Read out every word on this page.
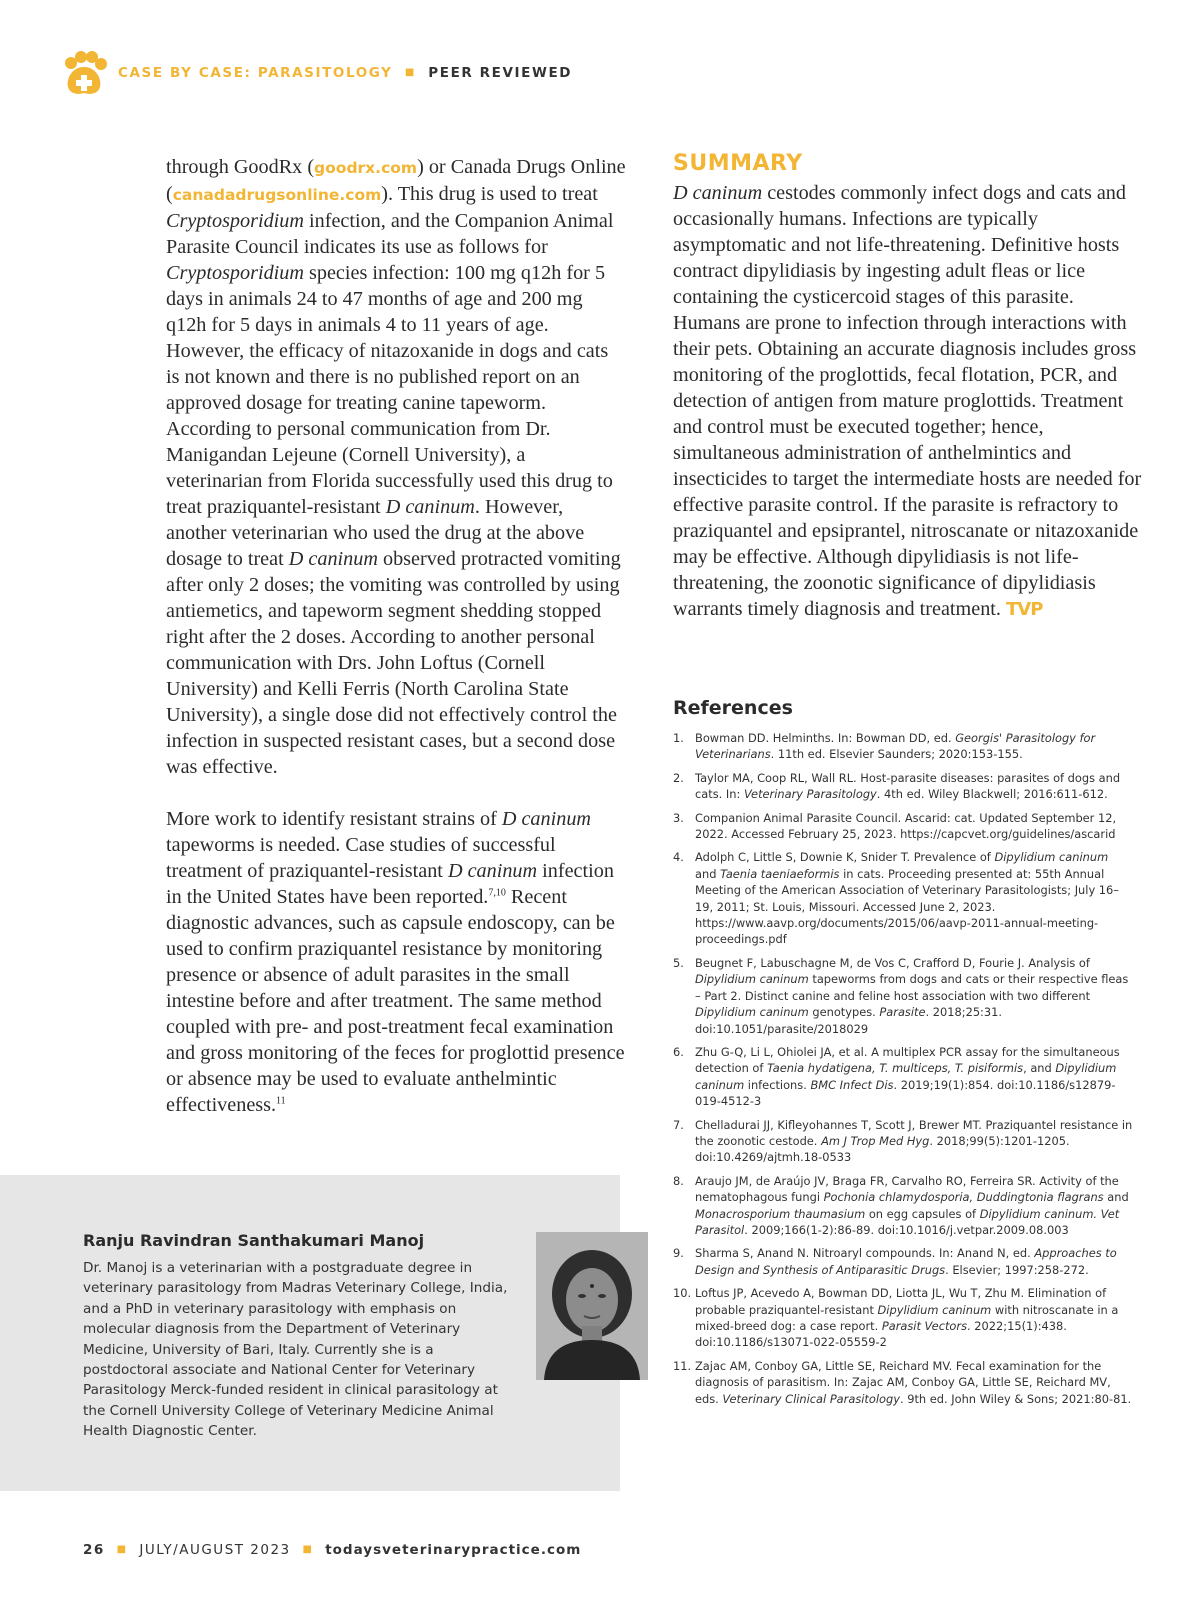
CASE BY CASE: PARASITOLOGY ■ PEER REVIEWED

through GoodRx (goodrx.com) or Canada Drugs Online (canadadrugsonline.com). This drug is used to treat Cryptosporidium infection, and the Companion Animal Parasite Council indicates its use as follows for Cryptosporidium species infection: 100 mg q12h for 5 days in animals 24 to 47 months of age and 200 mg q12h for 5 days in animals 4 to 11 years of age. However, the efficacy of nitazoxanide in dogs and cats is not known and there is no published report on an approved dosage for treating canine tapeworm. According to personal communication from Dr. Manigandan Lejeune (Cornell University), a veterinarian from Florida successfully used this drug to treat praziquantel-resistant D caninum. However, another veterinarian who used the drug at the above dosage to treat D caninum observed protracted vomiting after only 2 doses; the vomiting was controlled by using antiemetics, and tapeworm segment shedding stopped right after the 2 doses. According to another personal communication with Drs. John Loftus (Cornell University) and Kelli Ferris (North Carolina State University), a single dose did not effectively control the infection in suspected resistant cases, but a second dose was effective.

More work to identify resistant strains of D caninum tapeworms is needed. Case studies of successful treatment of praziquantel-resistant D caninum infection in the United States have been reported.$^{7,10}$ Recent diagnostic advances, such as capsule endoscopy, can be used to confirm praziquantel resistance by monitoring presence or absence of adult parasites in the small intestine before and after treatment. The same method coupled with pre- and post-treatment fecal examination and gross monitoring of the feces for proglottid presence or absence may be used to evaluate anthelmintic effectiveness.$^{11}$

SUMMARY

D caninum cestodes commonly infect dogs and cats and occasionally humans. Infections are typically asymptomatic and not life-threatening. Definitive hosts contract dipylidiasis by ingesting adult fleas or lice containing the cysticercoid stages of this parasite. Humans are prone to infection through interactions with their pets. Obtaining an accurate diagnosis includes gross monitoring of the proglottids, fecal flotation, PCR, and detection of antigen from mature proglottids. Treatment and control must be executed together; hence, simultaneous administration of anthelmintics and insecticides to target the intermediate hosts are needed for effective parasite control. If the parasite is refractory to praziquantel and epsiprantel, nitroscanate or nitazoxanide may be effective. Although dipylidiasis is not life-threatening, the zoonotic significance of dipylidiasis warrants timely diagnosis and treatment. TVP

References
1. Bowman DD. Helminths. In: Bowman DD, ed. Georgis' Parasitology for Veterinarians. 11th ed. Elsevier Saunders; 2020:153-155.
2. Taylor MA, Coop RL, Wall RL. Host-parasite diseases: parasites of dogs and cats. In: Veterinary Parasitology. 4th ed. Wiley Blackwell; 2016:611-612.
3. Companion Animal Parasite Council. Ascarid: cat. Updated September 12, 2022. Accessed February 25, 2023. https://capcvet.org/guidelines/ascarid
4. Adolph C, Little S, Downie K, Snider T. Prevalence of Dipylidium caninum and Taenia taeniaeformis in cats. Proceeding presented at: 55th Annual Meeting of the American Association of Veterinary Parasitologists; July 16–19, 2011; St. Louis, Missouri. Accessed June 2, 2023. https://www.aavp.org/documents/2015/06/aavp-2011-annual-meeting-proceedings.pdf
5. Beugnet F, Labuschagne M, de Vos C, Crafford D, Fourie J. Analysis of Dipylidium caninum tapeworms from dogs and cats or their respective fleas – Part 2. Distinct canine and feline host association with two different Dipylidium caninum genotypes. Parasite. 2018;25:31. doi:10.1051/parasite/2018029
6. Zhu G-Q, Li L, Ohiolei JA, et al. A multiplex PCR assay for the simultaneous detection of Taenia hydatigena, T. multiceps, T. pisiformis, and Dipylidium caninum infections. BMC Infect Dis. 2019;19(1):854. doi:10.1186/s12879-019-4512-3
7. Chelladurai JJ, Kifleyohannes T, Scott J, Brewer MT. Praziquantel resistance in the zoonotic cestode. Am J Trop Med Hyg. 2018;99(5):1201-1205. doi:10.4269/ajtmh.18-0533
8. Araujo JM, de Araújo JV, Braga FR, Carvalho RO, Ferreira SR. Activity of the nematophagous fungi Pochonia chlamydosporia, Duddingtonia flagrans and Monacrosporium thaumasium on egg capsules of Dipylidium caninum. Vet Parasitol. 2009;166(1-2):86-89. doi:10.1016/j.vetpar.2009.08.003
9. Sharma S, Anand N. Nitroaryl compounds. In: Anand N, ed. Approaches to Design and Synthesis of Antiparasitic Drugs. Elsevier; 1997:258-272.
10. Loftus JP, Acevedo A, Bowman DD, Liotta JL, Wu T, Zhu M. Elimination of probable praziquantel-resistant Dipylidium caninum with nitroscanate in a mixed-breed dog: a case report. Parasit Vectors. 2022;15(1):438. doi:10.1186/s13071-022-05559-2
11. Zajac AM, Conboy GA, Little SE, Reichard MV. Fecal examination for the diagnosis of parasitism. In: Zajac AM, Conboy GA, Little SE, Reichard MV, eds. Veterinary Clinical Parasitology. 9th ed. John Wiley & Sons; 2021:80-81.
Ranju Ravindran Santhakumari Manoj

Dr. Manoj is a veterinarian with a postgraduate degree in veterinary parasitology from Madras Veterinary College, India, and a PhD in veterinary parasitology with emphasis on molecular diagnosis from the Department of Veterinary Medicine, University of Bari, Italy. Currently she is a postdoctoral associate and National Center for Veterinary Parasitology Merck-funded resident in clinical parasitology at the Cornell University College of Veterinary Medicine Animal Health Diagnostic Center.

26 ■ JULY/AUGUST 2023 ■ todaysveterinarypractice.com
